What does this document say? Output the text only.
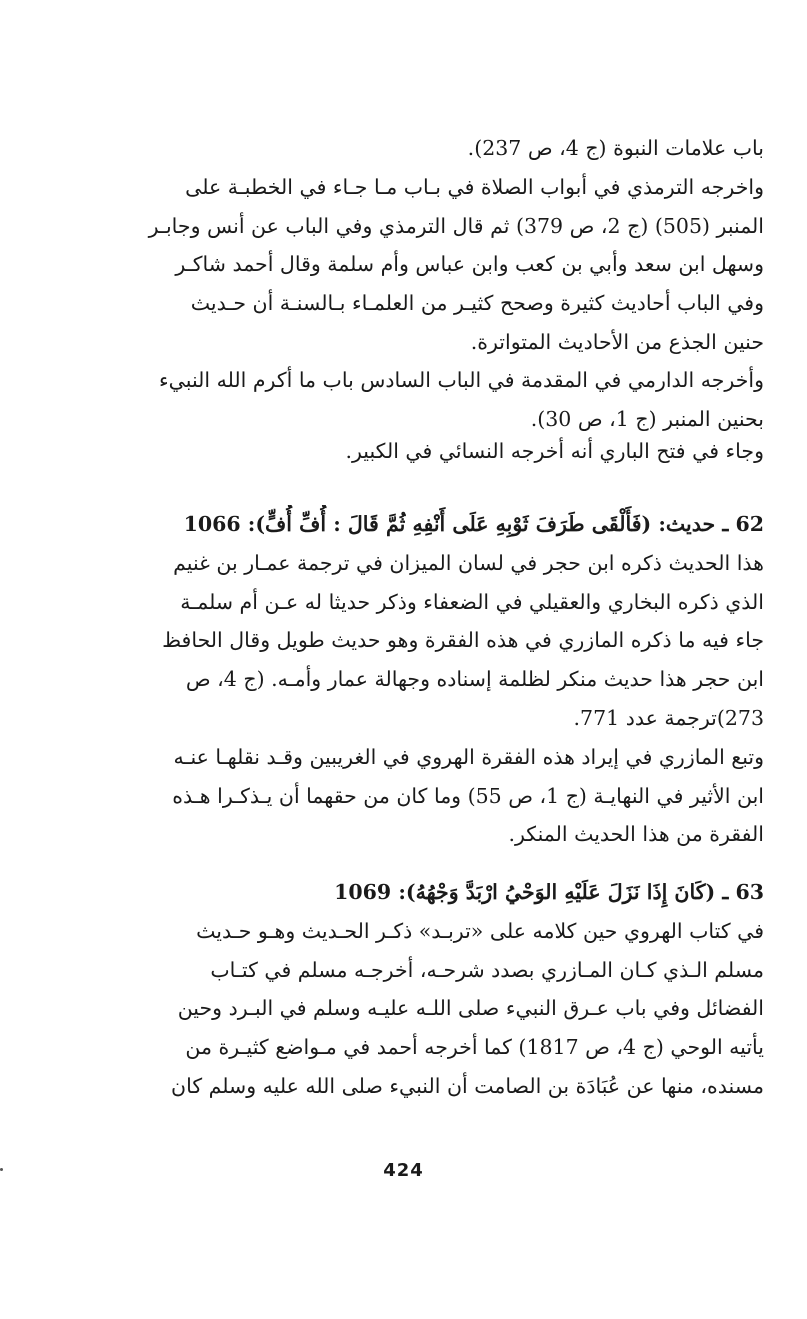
باب علامات النبوة (ج 4، ص 237).
واخرجه الترمذي في أبواب الصلاة في بـاب مـا جـاء في الخطبـة على
المنبر (505) (ج 2، ص 379) ثم قال الترمذي وفي الباب عن أنس وجابـر
وسهل ابن سعد وأبي بن كعب وابن عباس وأم سلمة وقال أحمد شاكـر
وفي الباب أحاديث كثيرة وصحح كثيـر من العلمـاء بـالسنـة أن حـديث
حنين الجذع من الأحاديث المتواترة.
وأخرجه الدارمي في المقدمة في الباب السادس باب ما أكرم الله النبيء
بحنين المنبر (ج 1، ص 30).
وجاء في فتح الباري أنه أخرجه النسائي في الكبير.
62 ـ حديث: (فَأَلْقَى طَرَفَ ثَوْبِهِ عَلَى أَنْفِهِ ثُمَّ قَالَ : أُفِّ أُفٍّ): 1066
هذا الحديث ذكره ابن حجر في لسان الميزان في ترجمة عمـار بن غنيم
الذي ذكره البخاري والعقيلي في الضعفاء وذكر حديثا له عـن أم سلمـة
جاء فيه ما ذكره المازري في هذه الفقرة وهو حديث طويل وقال الحافظ
ابن حجر هذا حديث منكر لظلمة إسناده وجهالة عمار وأمـه. (ج 4، ص
273)ترجمة عدد 771.
وتبع المازري في إيراد هذه الفقرة الهروي في الغريبين وقـد نقلهـا عنـه
ابن الأثير في النهايـة (ج 1، ص 55) وما كان من حقهما أن يـذكـرا هـذه
الفقرة من هذا الحديث المنكر.
63 ـ (كَانَ إِذَا نَزَلَ عَلَيْهِ الوَحْيُ ارْبَدَّ وَجْهُهُ): 1069
في كتاب الهروي حين كلامه على «تربـد» ذكـر الحـديث وهـو حـديث
مسلم الـذي كـان المـازري بصدد شرحـه، أخرجـه مسلم في كتـاب
الفضائل وفي باب عـرق النبيء صلى اللـه عليـه وسلم في البـرد وحين
يأتيه الوحي (ج 4، ص 1817) كما أخرجه أحمد في مـواضع كثيـرة من
مسنده، منها عن عُبَادَة بن الصامت أن النبيء صلى الله عليه وسلم كان
424
